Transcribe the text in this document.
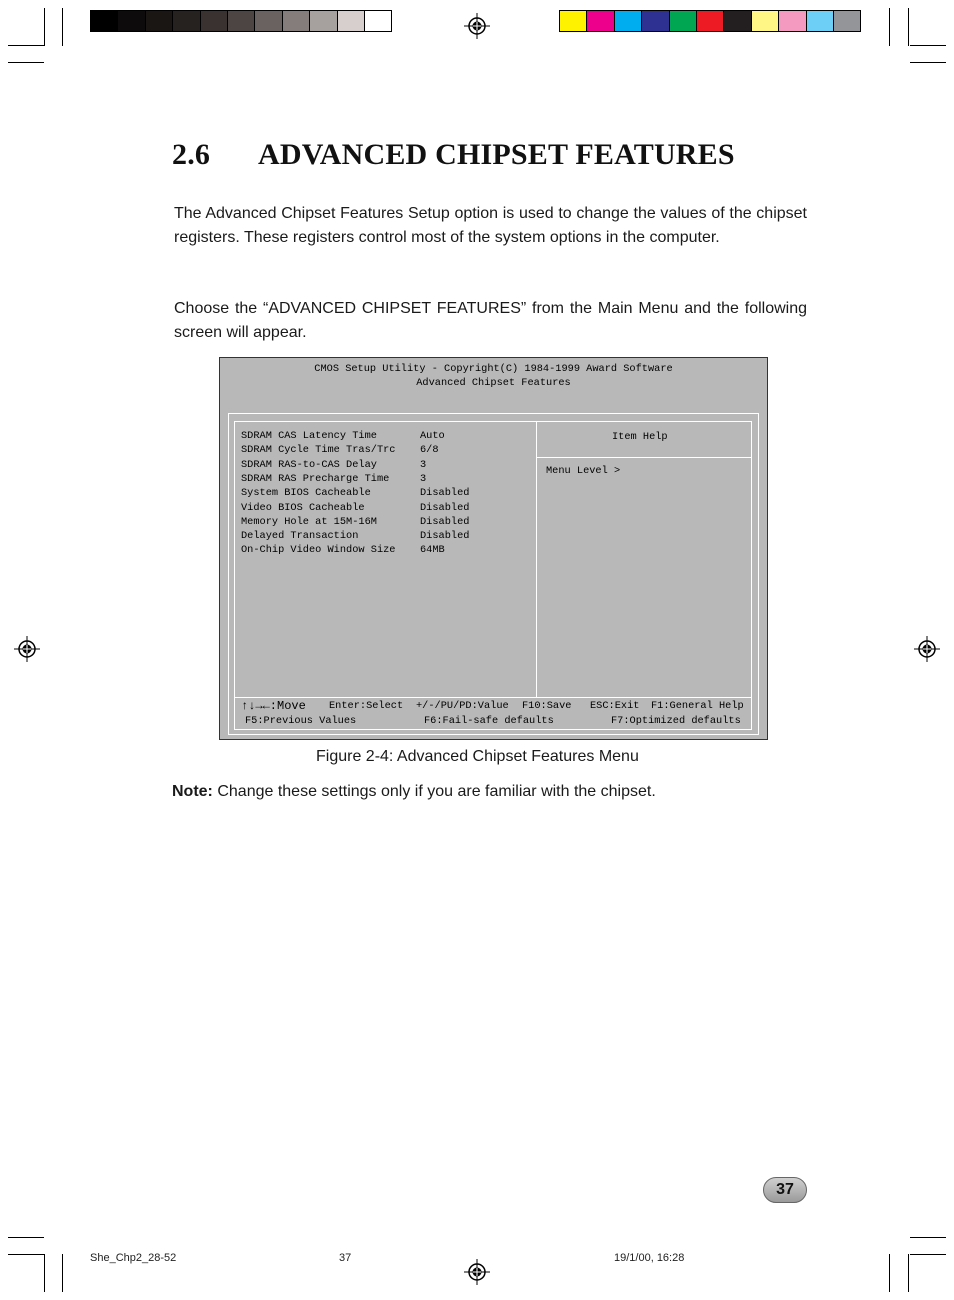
2.6 ADVANCED CHIPSET FEATURES

The Advanced Chipset Features Setup option is used to change the values of the chipset registers. These registers control most of the system options in the computer.

Choose the “ADVANCED CHIPSET FEATURES” from the Main Menu and the following screen will appear.

CMOS Setup Utility - Copyright(C) 1984-1999 Award Software
Advanced Chipset Features
SDRAM CAS Latency Time	Auto
SDRAM Cycle Time Tras/Trc 6/8
SDRAM RAS-to-CAS Delay	3
SDRAM RAS Precharge Time	3
System BIOS Cacheable	Disabled
Video BIOS Cacheable	Disabled
Memory Hole at 15M-16M	Disabled
Delayed Transaction	Disabled
On-Chip Video Window Size 64MB
Item Help
Menu Level >
↑↓→←:Move Enter:Select +/-/PU/PD:Value F10:Save ESC:Exit F1:General Help
F5:Previous Values	F6:Fail-safe defaults	F7:Optimized defaults
Figure 2-4: Advanced Chipset Features Menu
Note: Change these settings only if you are familiar with the chipset.
37
She_Chp2_28-52	37	19/1/00, 16:28
